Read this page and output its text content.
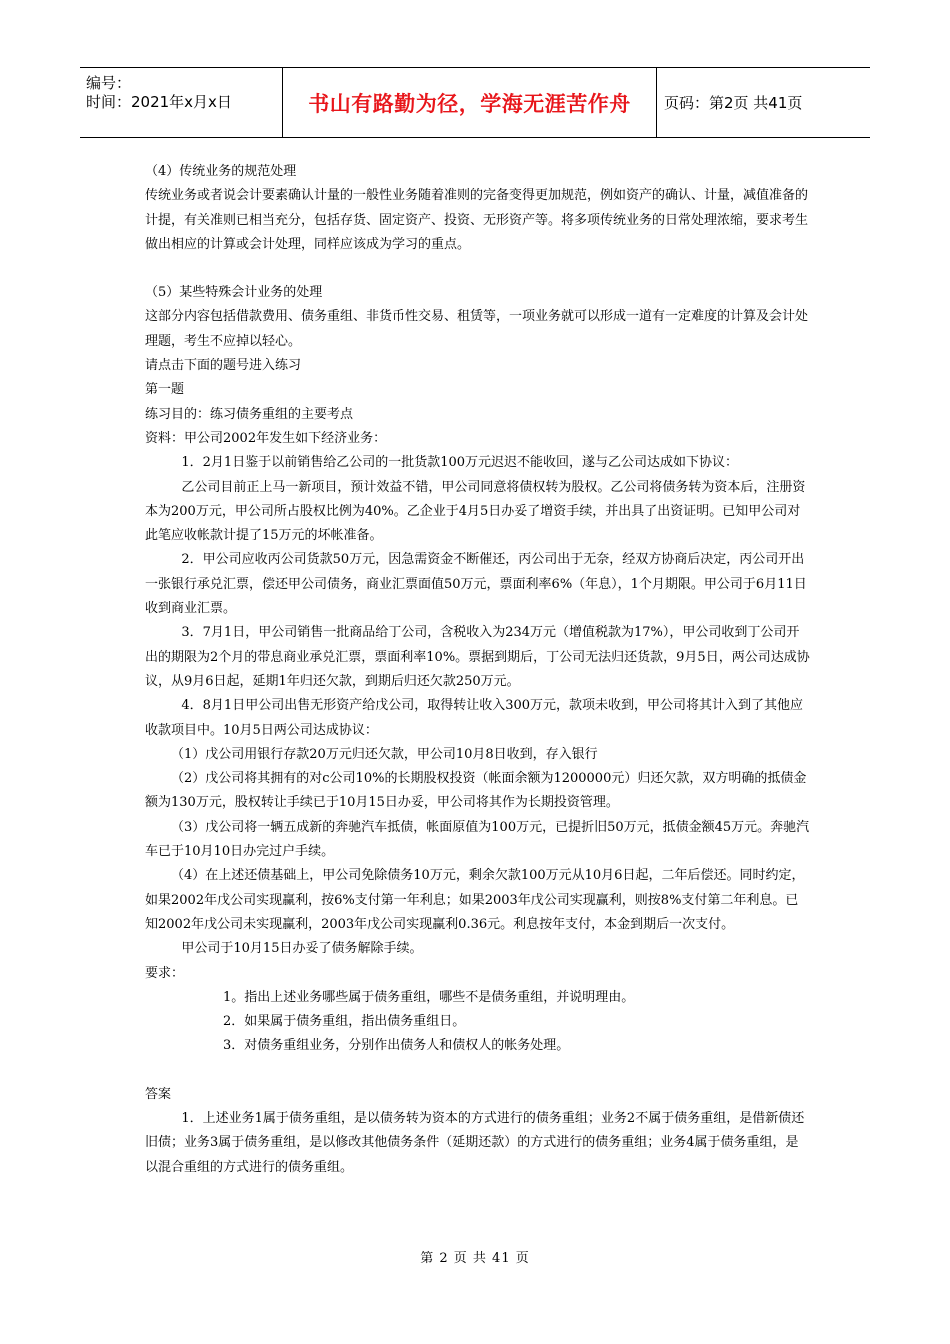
编号：
时间：2021年x月x日	书山有路勤为径，学海无涯苦作舟	页码：第2页 共41页

（4）传统业务的规范处理

传统业务或者说会计要素确认计量的一般性业务随着准则的完备变得更加规范，例如资产的确认、计量，减值准备的计提，有关准则已相当充分，包括存货、固定资产、投资、无形资产等。将多项传统业务的日常处理浓缩，要求考生做出相应的计算或会计处理，同样应该成为学习的重点。

（5）某些特殊会计业务的处理

这部分内容包括借款费用、债务重组、非货币性交易、租赁等，一项业务就可以形成一道有一定难度的计算及会计处理题，考生不应掉以轻心。

请点击下面的题号进入练习

第一题

练习目的：练习债务重组的主要考点

资料：甲公司2002年发生如下经济业务：

1．2月1日鉴于以前销售给乙公司的一批货款100万元迟迟不能收回，遂与乙公司达成如下协议：

乙公司目前正上马一新项目，预计效益不错，甲公司同意将债权转为股权。乙公司将债务转为资本后，注册资本为200万元，甲公司所占股权比例为40%。乙企业于4月5日办妥了增资手续，并出具了出资证明。已知甲公司对此笔应收帐款计提了15万元的坏帐准备。

2．甲公司应收丙公司货款50万元，因急需资金不断催还，丙公司出于无奈，经双方协商后决定，丙公司开出一张银行承兑汇票，偿还甲公司债务，商业汇票面值50万元，票面利率6%（年息），1个月期限。甲公司于6月11日收到商业汇票。

3．7月1日，甲公司销售一批商品给丁公司，含税收入为234万元（增值税款为17%），甲公司收到丁公司开出的期限为2个月的带息商业承兑汇票，票面利率10%。票据到期后，丁公司无法归还货款，9月5日，两公司达成协议，从9月6日起，延期1年归还欠款，到期后归还欠款250万元。

4．8月1日甲公司出售无形资产给戊公司，取得转让收入300万元，款项未收到，甲公司将其计入到了其他应收款项目中。10月5日两公司达成协议：

（1）戊公司用银行存款20万元归还欠款，甲公司10月8日收到，存入银行

（2）戊公司将其拥有的对c公司10%的长期股权投资（帐面余额为1200000元）归还欠款，双方明确的抵债金额为130万元，股权转让手续已于10月15日办妥，甲公司将其作为长期投资管理。

（3）戊公司将一辆五成新的奔驰汽车抵债，帐面原值为100万元，已提折旧50万元，抵债金额45万元。奔驰汽车已于10月10日办完过户手续。

（4）在上述还债基础上，甲公司免除债务10万元，剩余欠款100万元从10月6日起，二年后偿还。同时约定，如果2002年戊公司实现赢利，按6%支付第一年利息；如果2003年戊公司实现赢利，则按8%支付第二年利息。已知2002年戊公司未实现赢利，2003年戊公司实现赢利0.36元。利息按年支付，本金到期后一次支付。

甲公司于10月15日办妥了债务解除手续。

要求：

1。指出上述业务哪些属于债务重组，哪些不是债务重组，并说明理由。

2．如果属于债务重组，指出债务重组日。

3．对债务重组业务，分别作出债务人和债权人的帐务处理。

答案

1．上述业务1属于债务重组，是以债务转为资本的方式进行的债务重组；业务2不属于债务重组，是借新债还旧债；业务3属于债务重组，是以修改其他债务条件（延期还款）的方式进行的债务重组；业务4属于债务重组，是以混合重组的方式进行的债务重组。

第 2 页 共 41 页
